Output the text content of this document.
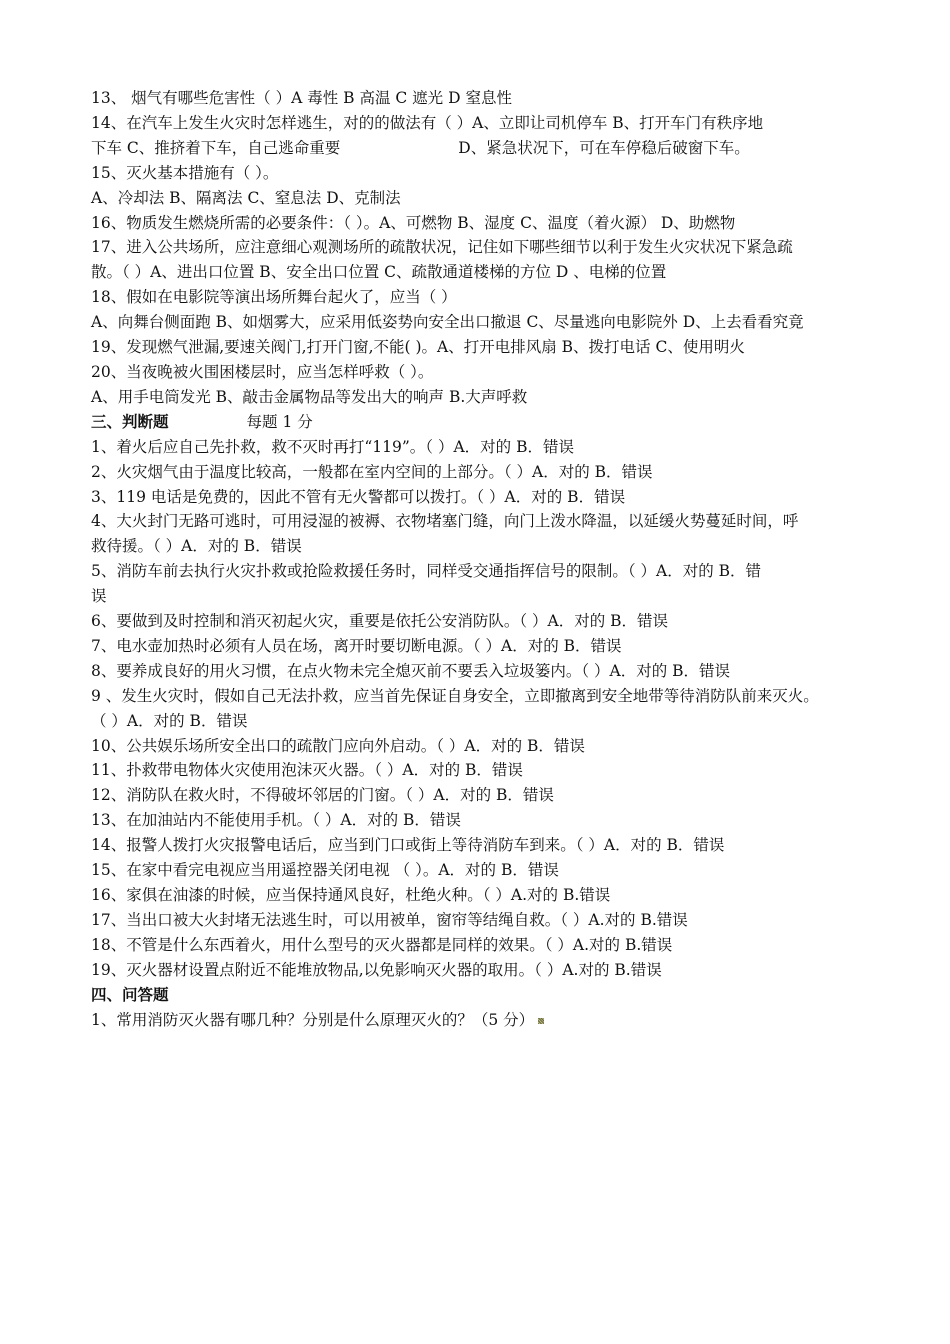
13、 烟气有哪些危害性（ ）A 毒性 B 高温 C 遮光 D 窒息性
14、在汽车上发生火灾时怎样逃生，对的的做法有（ ）A、立即让司机停车 B、打开车门有秩序地
下车 C、推挤着下车，自己逃命重要	D、紧急状况下，可在车停稳后破窗下车。
15、灭火基本措施有（ ）。
A、冷却法 B、隔离法 C、窒息法 D、克制法
16、物质发生燃烧所需的必要条件：（ ）。A、可燃物 B、湿度 C、温度（着火源） D、助燃物
17、进入公共场所，应注意细心观测场所的疏散状况，记住如下哪些细节以利于发生火灾状况下紧急疏
散。（ ）A、进出口位置 B、安全出口位置 C、疏散通道楼梯的方位 D 、电梯的位置
18、假如在电影院等演出场所舞台起火了，应当（ ）
A、向舞台侧面跑 B、如烟雾大，应采用低姿势向安全出口撤退 C、尽量逃向电影院外 D、上去看看究竟
19、发现燃气泄漏,要速关阀门,打开门窗,不能( )。A、打开电排风扇 B、拨打电话 C、使用明火
20、当夜晚被火围困楼层时，应当怎样呼救（ ）。
A、用手电筒发光 B、敲击金属物品等发出大的响声 B.大声呼救
三、判断题	每题 1 分
1、着火后应自己先扑救，救不灭时再打“119”。（ ）A．对的 B．错误
2、火灾烟气由于温度比较高，一般都在室内空间的上部分。（ ）A．对的 B．错误
3、119 电话是免费的，因此不管有无火警都可以拨打。（ ）A．对的 B．错误
4、大火封门无路可逃时，可用浸湿的被褥、衣物堵塞门缝，向门上泼水降温，以延缓火势蔓延时间，呼
救待援。（ ）A．对的 B．错误
5、消防车前去执行火灾扑救或抢险救援任务时，同样受交通指挥信号的限制。（ ）A．对的 B．错
误
6、要做到及时控制和消灭初起火灾，重要是依托公安消防队。（ ）A．对的 B．错误
7、电水壶加热时必须有人员在场，离开时要切断电源。（ ）A．对的 B．错误
8、要养成良好的用火习惯，在点火物未完全熄灭前不要丢入垃圾篓内。（ ）A．对的 B．错误
9 、发生火灾时，假如自己无法扑救，应当首先保证自身安全，立即撤离到安全地带等待消防队前来灭火。
（ ）A．对的 B．错误
10、公共娱乐场所安全出口的疏散门应向外启动。（ ）A．对的 B．错误
11、扑救带电物体火灾使用泡沫灭火器。（ ）A．对的 B．错误
12、消防队在救火时，不得破坏邻居的门窗。（ ）A．对的 B．错误
13、在加油站内不能使用手机。（ ）A．对的 B．错误
14、报警人拨打火灾报警电话后，应当到门口或街上等待消防车到来。（ ）A．对的 B．错误
15、在家中看完电视应当用遥控器关闭电视 （ ）。A．对的 B．错误
16、家俱在油漆的时候，应当保持通风良好，杜绝火种。（ ）A.对的 B.错误
17、当出口被大火封堵无法逃生时，可以用被单，窗帘等结绳自救。（ ）A.对的 B.错误
18、不管是什么东西着火，用什么型号的灭火器都是同样的效果。（ ）A.对的 B.错误
19、灭火器材设置点附近不能堆放物品,以免影响灭火器的取用。（ ）A.对的 B.错误
四、问答题
1、常用消防灭火器有哪几种？分别是什么原理灭火的？（5 分）
